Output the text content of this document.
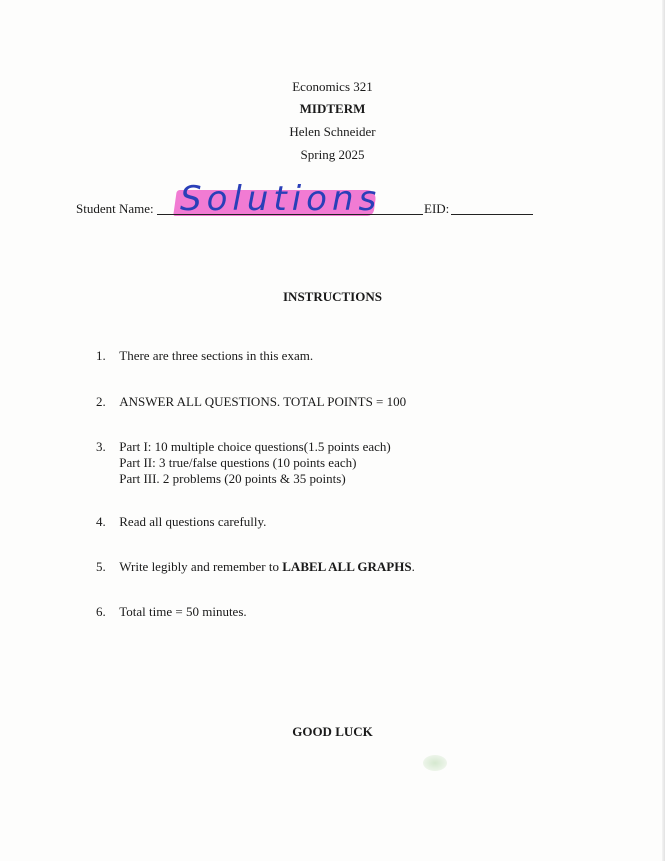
Economics 321
MIDTERM
Helen Schneider
Spring 2025
Student Name: Solutions	EID:
INSTRUCTIONS
1. There are three sections in this exam.
2. ANSWER ALL QUESTIONS. TOTAL POINTS = 100
3. Part I: 10 multiple choice questions(1.5 points each)
Part II: 3 true/false questions (10 points each)
Part III. 2 problems (20 points & 35 points)
4. Read all questions carefully.
5. Write legibly and remember to LABEL ALL GRAPHS.
6. Total time = 50 minutes.
GOOD LUCK
